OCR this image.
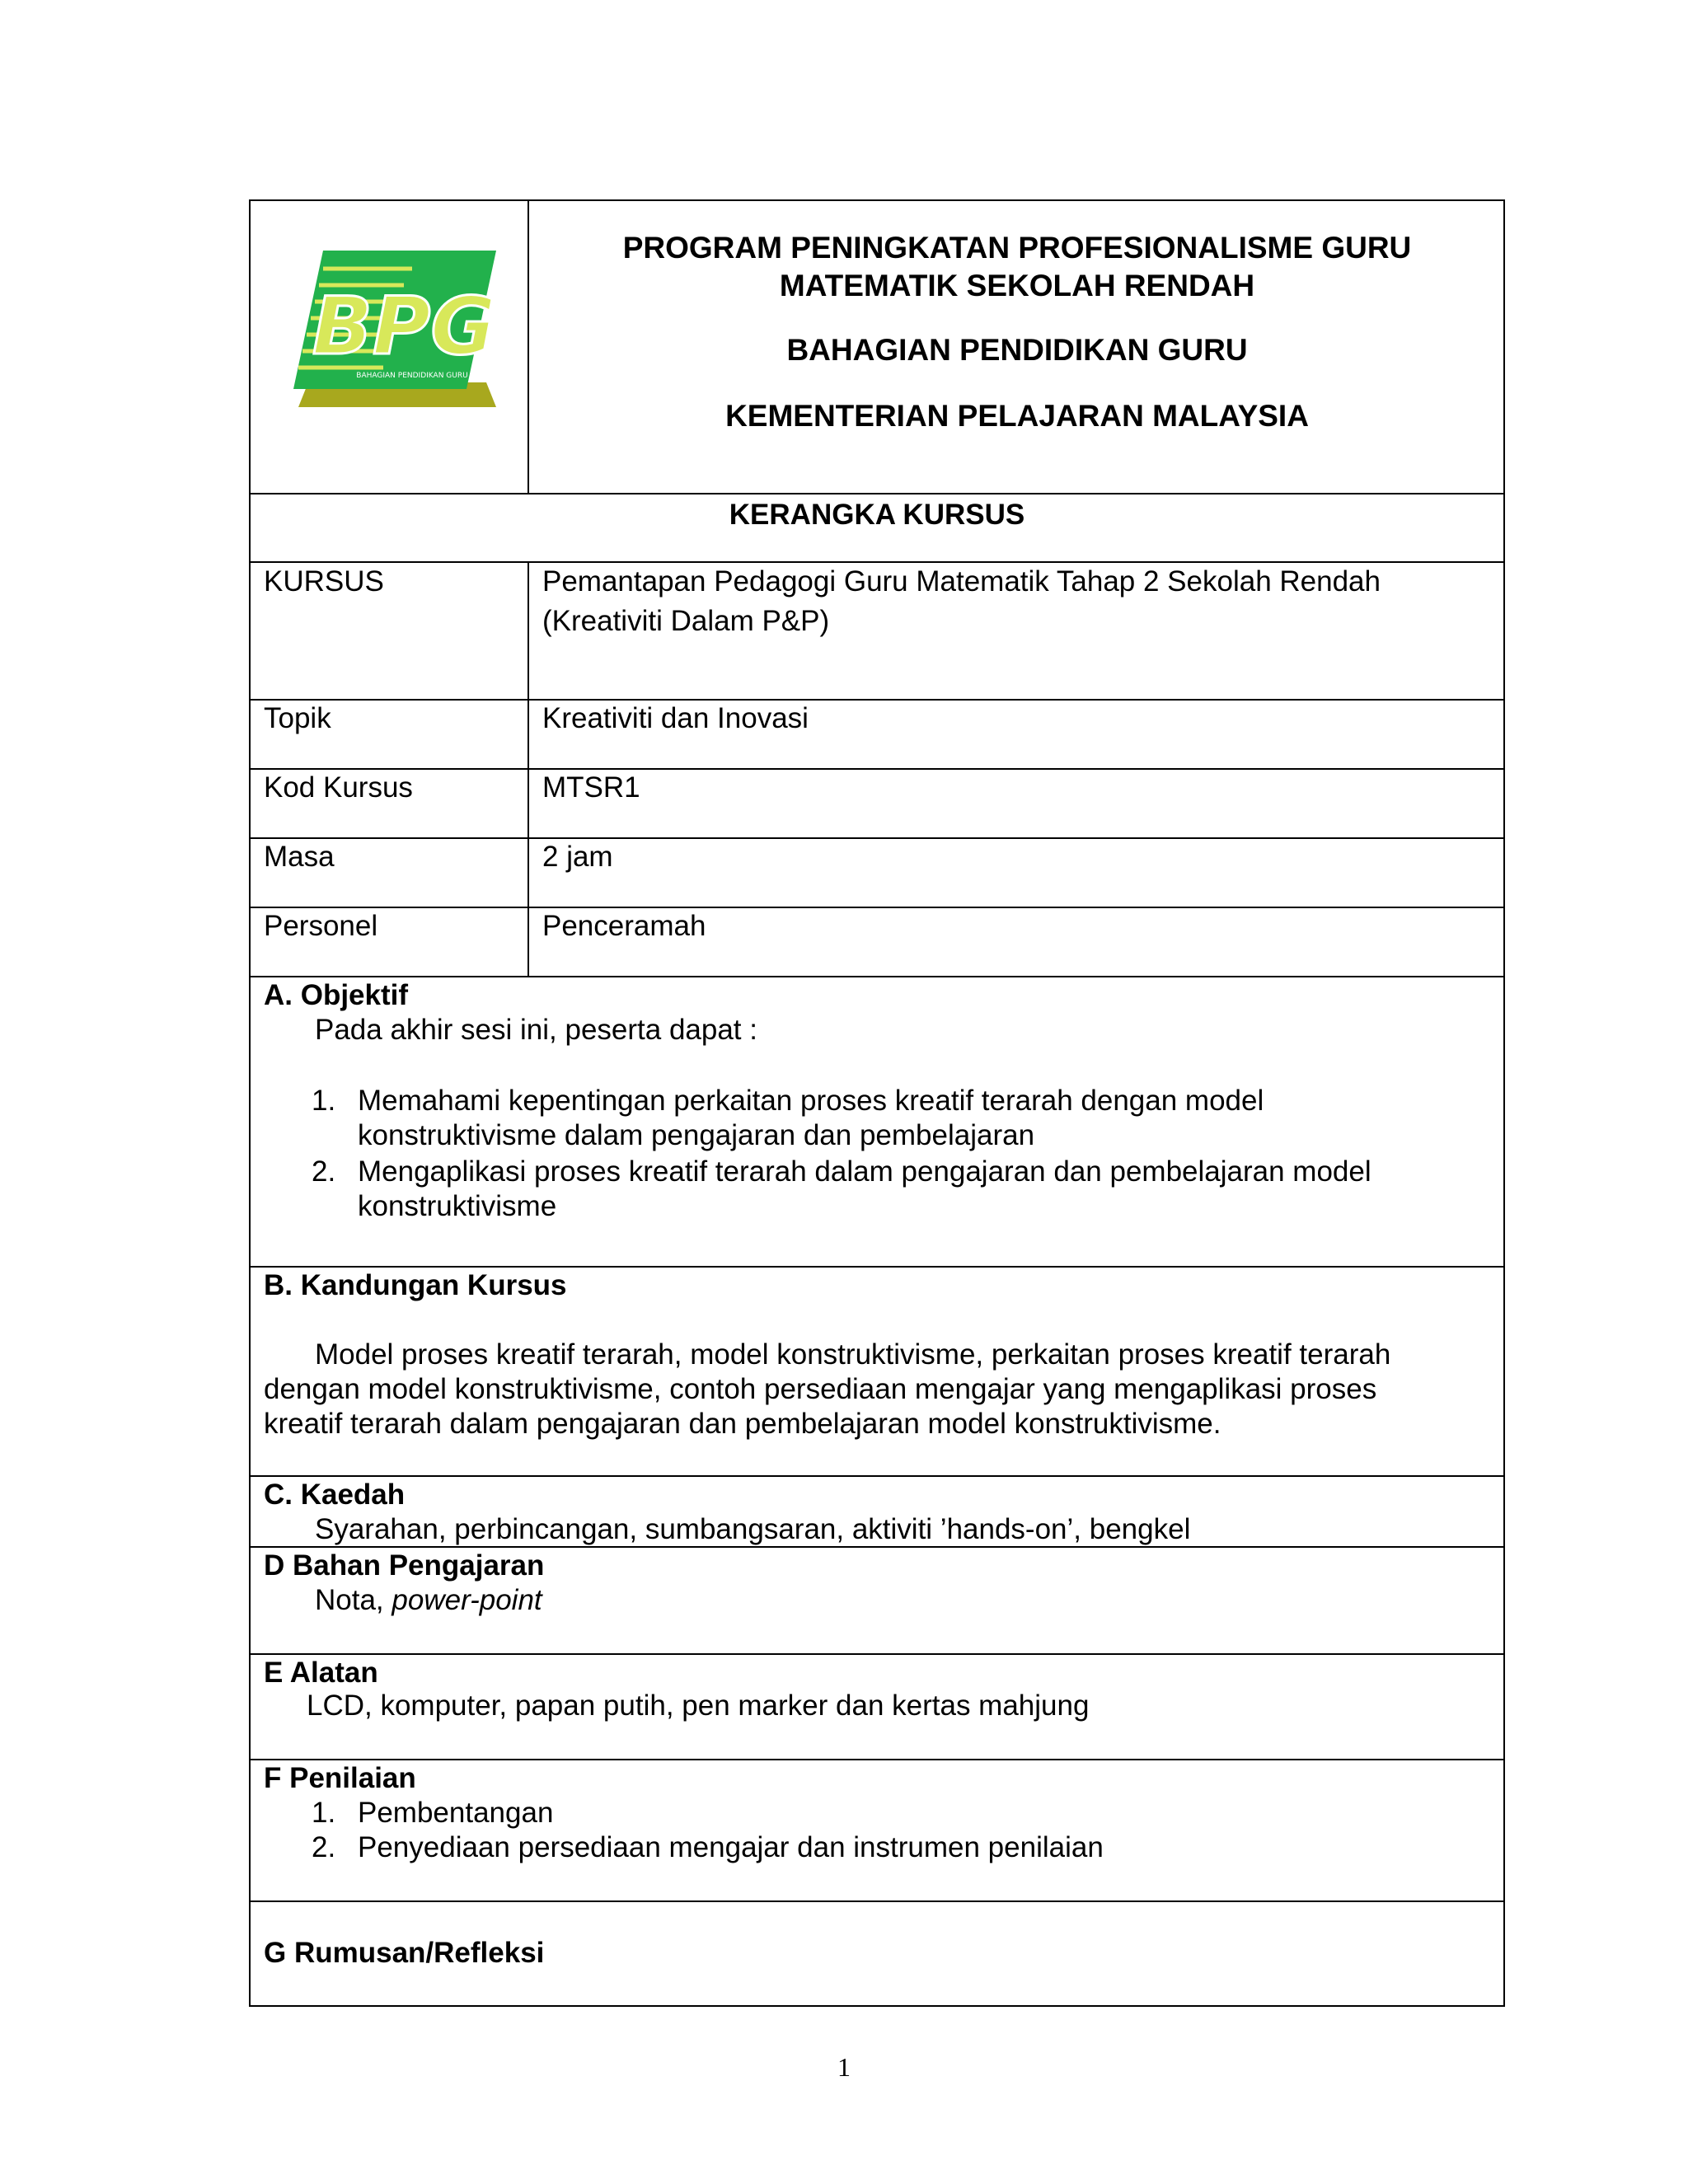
BPG
BAHAGIAN PENDIDIKAN GURU
PROGRAM PENINGKATAN PROFESIONALISME GURU
MATEMATIK SEKOLAH RENDAH
BAHAGIAN PENDIDIKAN GURU
KEMENTERIAN PELAJARAN MALAYSIA
KERANGKA KURSUS
KURSUS	Pemantapan Pedagogi Guru Matematik Tahap 2 Sekolah Rendah
(Kreativiti Dalam P&P)
Topik	Kreativiti dan Inovasi
Kod Kursus	MTSR1
Masa	2 jam
Personel	Penceramah
A. Objektif
Pada akhir sesi ini, peserta dapat :
1. Memahami kepentingan perkaitan proses kreatif terarah dengan model
konstruktivisme dalam pengajaran dan pembelajaran
2. Mengaplikasi proses kreatif terarah dalam pengajaran dan pembelajaran model
konstruktivisme
B. Kandungan Kursus
Model proses kreatif terarah, model konstruktivisme, perkaitan proses kreatif terarah
dengan model konstruktivisme, contoh persediaan mengajar yang mengaplikasi proses
kreatif terarah dalam pengajaran dan pembelajaran model konstruktivisme.
C. Kaedah
Syarahan, perbincangan, sumbangsaran, aktiviti ’hands-on’, bengkel
D Bahan Pengajaran
Nota, power-point
E Alatan
LCD, komputer, papan putih, pen marker dan kertas mahjung
F Penilaian
1. Pembentangan
2. Penyediaan persediaan mengajar dan instrumen penilaian
G Rumusan/Refleksi
1
